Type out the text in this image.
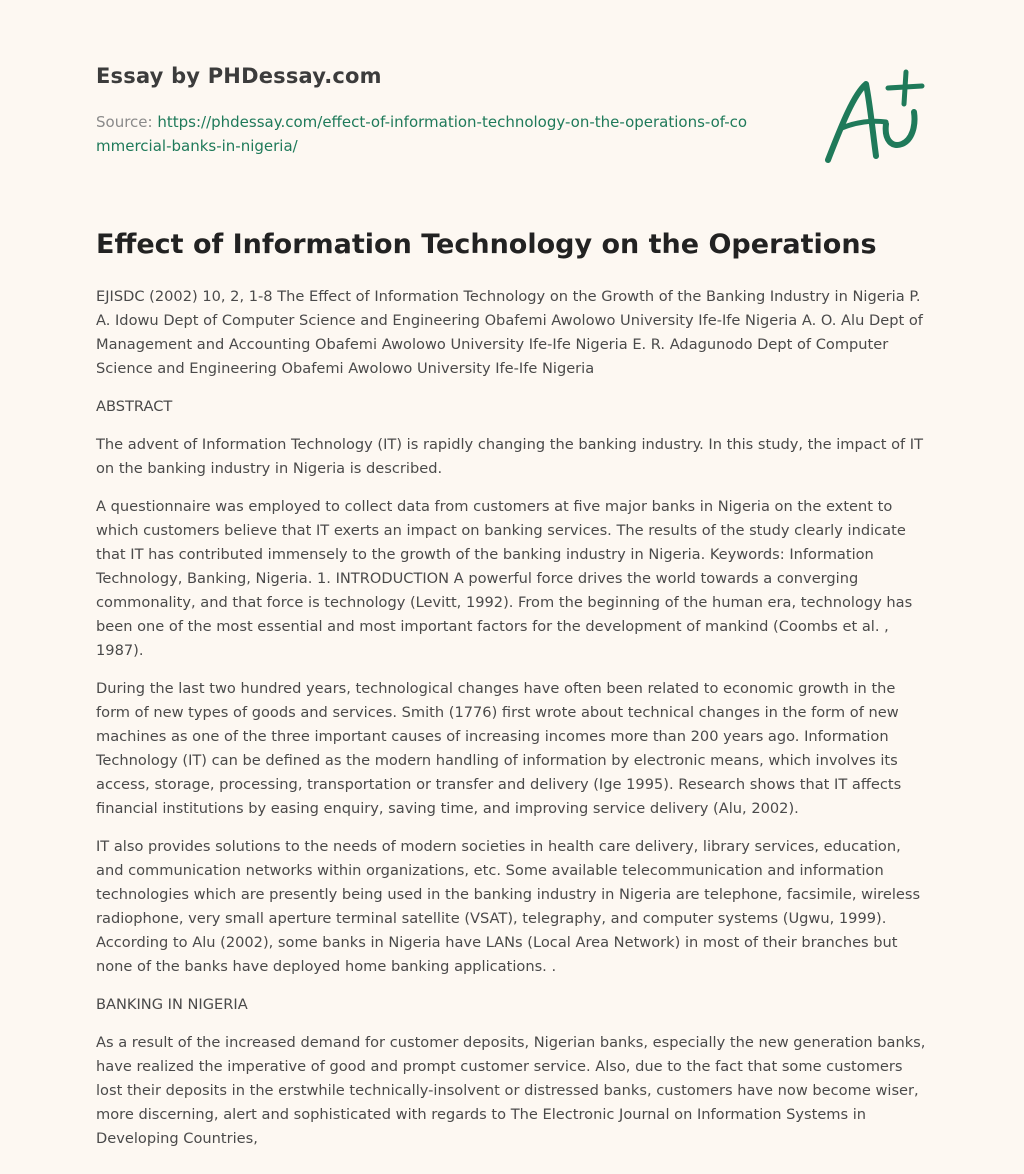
Essay by PHDessay.com

Source: https://phdessay.com/effect-of-information-technology-on-the-operations-of-commercial-banks-in-nigeria/

Effect of Information Technology on the Operations

EJISDC (2002) 10, 2, 1-8 The Effect of Information Technology on the Growth of the Banking Industry in Nigeria P. A. Idowu Dept of Computer Science and Engineering Obafemi Awolowo University Ife-Ife Nigeria A. O. Alu Dept of Management and Accounting Obafemi Awolowo University Ife-Ife Nigeria E. R. Adagunodo Dept of Computer Science and Engineering Obafemi Awolowo University Ife-Ife Nigeria

ABSTRACT

The advent of Information Technology (IT) is rapidly changing the banking industry. In this study, the impact of IT on the banking industry in Nigeria is described.

A questionnaire was employed to collect data from customers at five major banks in Nigeria on the extent to which customers believe that IT exerts an impact on banking services. The results of the study clearly indicate that IT has contributed immensely to the growth of the banking industry in Nigeria. Keywords: Information Technology, Banking, Nigeria. 1. INTRODUCTION A powerful force drives the world towards a converging commonality, and that force is technology (Levitt, 1992). From the beginning of the human era, technology has been one of the most essential and most important factors for the development of mankind (Coombs et al. , 1987).

During the last two hundred years, technological changes have often been related to economic growth in the form of new types of goods and services. Smith (1776) first wrote about technical changes in the form of new machines as one of the three important causes of increasing incomes more than 200 years ago. Information Technology (IT) can be defined as the modern handling of information by electronic means, which involves its access, storage, processing, transportation or transfer and delivery (Ige 1995). Research shows that IT affects financial institutions by easing enquiry, saving time, and improving service delivery (Alu, 2002).

IT also provides solutions to the needs of modern societies in health care delivery, library services, education, and communication networks within organizations, etc. Some available telecommunication and information technologies which are presently being used in the banking industry in Nigeria are telephone, facsimile, wireless radiophone, very small aperture terminal satellite (VSAT), telegraphy, and computer systems (Ugwu, 1999). According to Alu (2002), some banks in Nigeria have LANs (Local Area Network) in most of their branches but none of the banks have deployed home banking applications. .

BANKING IN NIGERIA

As a result of the increased demand for customer deposits, Nigerian banks, especially the new generation banks, have realized the imperative of good and prompt customer service. Also, due to the fact that some customers lost their deposits in the erstwhile technically-insolvent or distressed banks, customers have now become wiser, more discerning, alert and sophisticated with regards to The Electronic Journal on Information Systems in Developing Countries,
